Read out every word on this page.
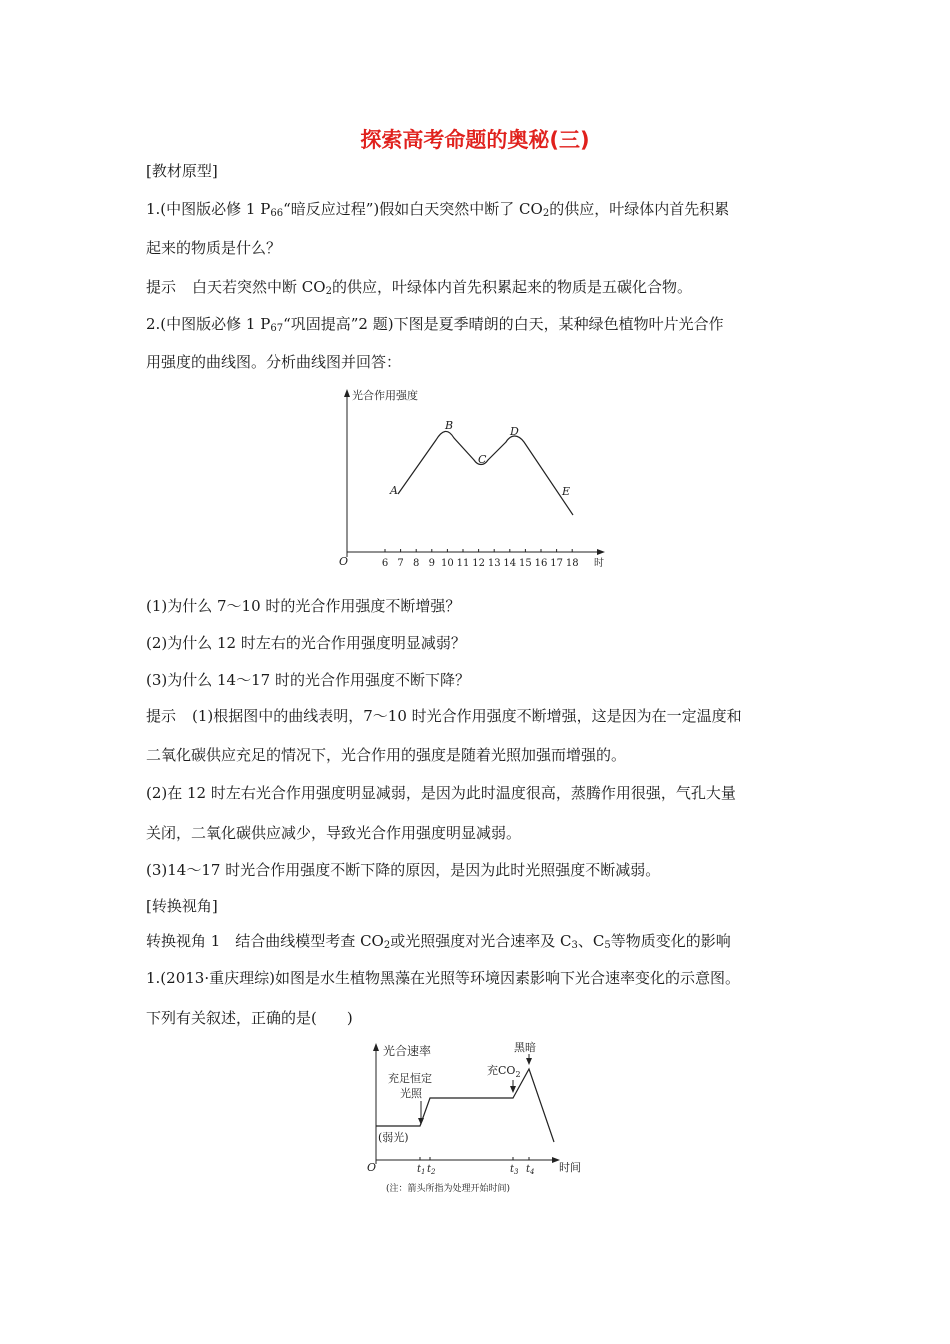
探索高考命题的奥秘(三)
[教材原型]
1.(中图版必修 1 $P_{66}“$暗反应过程”)假如白天突然中断了 $CO_2$的供应，叶绿体内首先积累
起来的物质是什么？
提示 白天若突然中断 $CO_2$的供应，叶绿体内首先积累起来的物质是五碳化合物。
2.(中图版必修 1 $P_{67}“$巩固提高”2 题)下图是夏季晴朗的白天，某种绿色植物叶片光合作
用强度的曲线图。分析曲线图并回答：
光合作用强度
O	时
6 7 8 9 10 11 12 13 14 15 16 17 18
A
B
C
D
E
(1)为什么 7～10 时的光合作用强度不断增强？
(2)为什么 12 时左右的光合作用强度明显减弱？
(3)为什么 14～17 时的光合作用强度不断下降？
提示 (1)根据图中的曲线表明，7～10 时光合作用强度不断增强，这是因为在一定温度和
二氧化碳供应充足的情况下，光合作用的强度是随着光照加强而增强的。
(2)在 12 时左右光合作用强度明显减弱，是因为此时温度很高，蒸腾作用很强，气孔大量
关闭，二氧化碳供应减少，导致光合作用强度明显减弱。
(3)14～17 时光合作用强度不断下降的原因，是因为此时光照强度不断减弱。
[转换视角]
转换视角 1　结合曲线模型考查 $CO_2$或光照强度对光合速率及 $C_3$、$C_5$等物质变化的影响
1.(2013·重庆理综)如图是水生植物黑藻在光照等环境因素影响下光合速率变化的示意图。
下列有关叙述，正确的是(　　)
光合速率
O	时间
(弱光)
充足恒定
光照
充$CO_2$
黑暗
$t_1$ $t_2$	$t_3$ $t_4$
(注：箭头所指为处理开始时间)
